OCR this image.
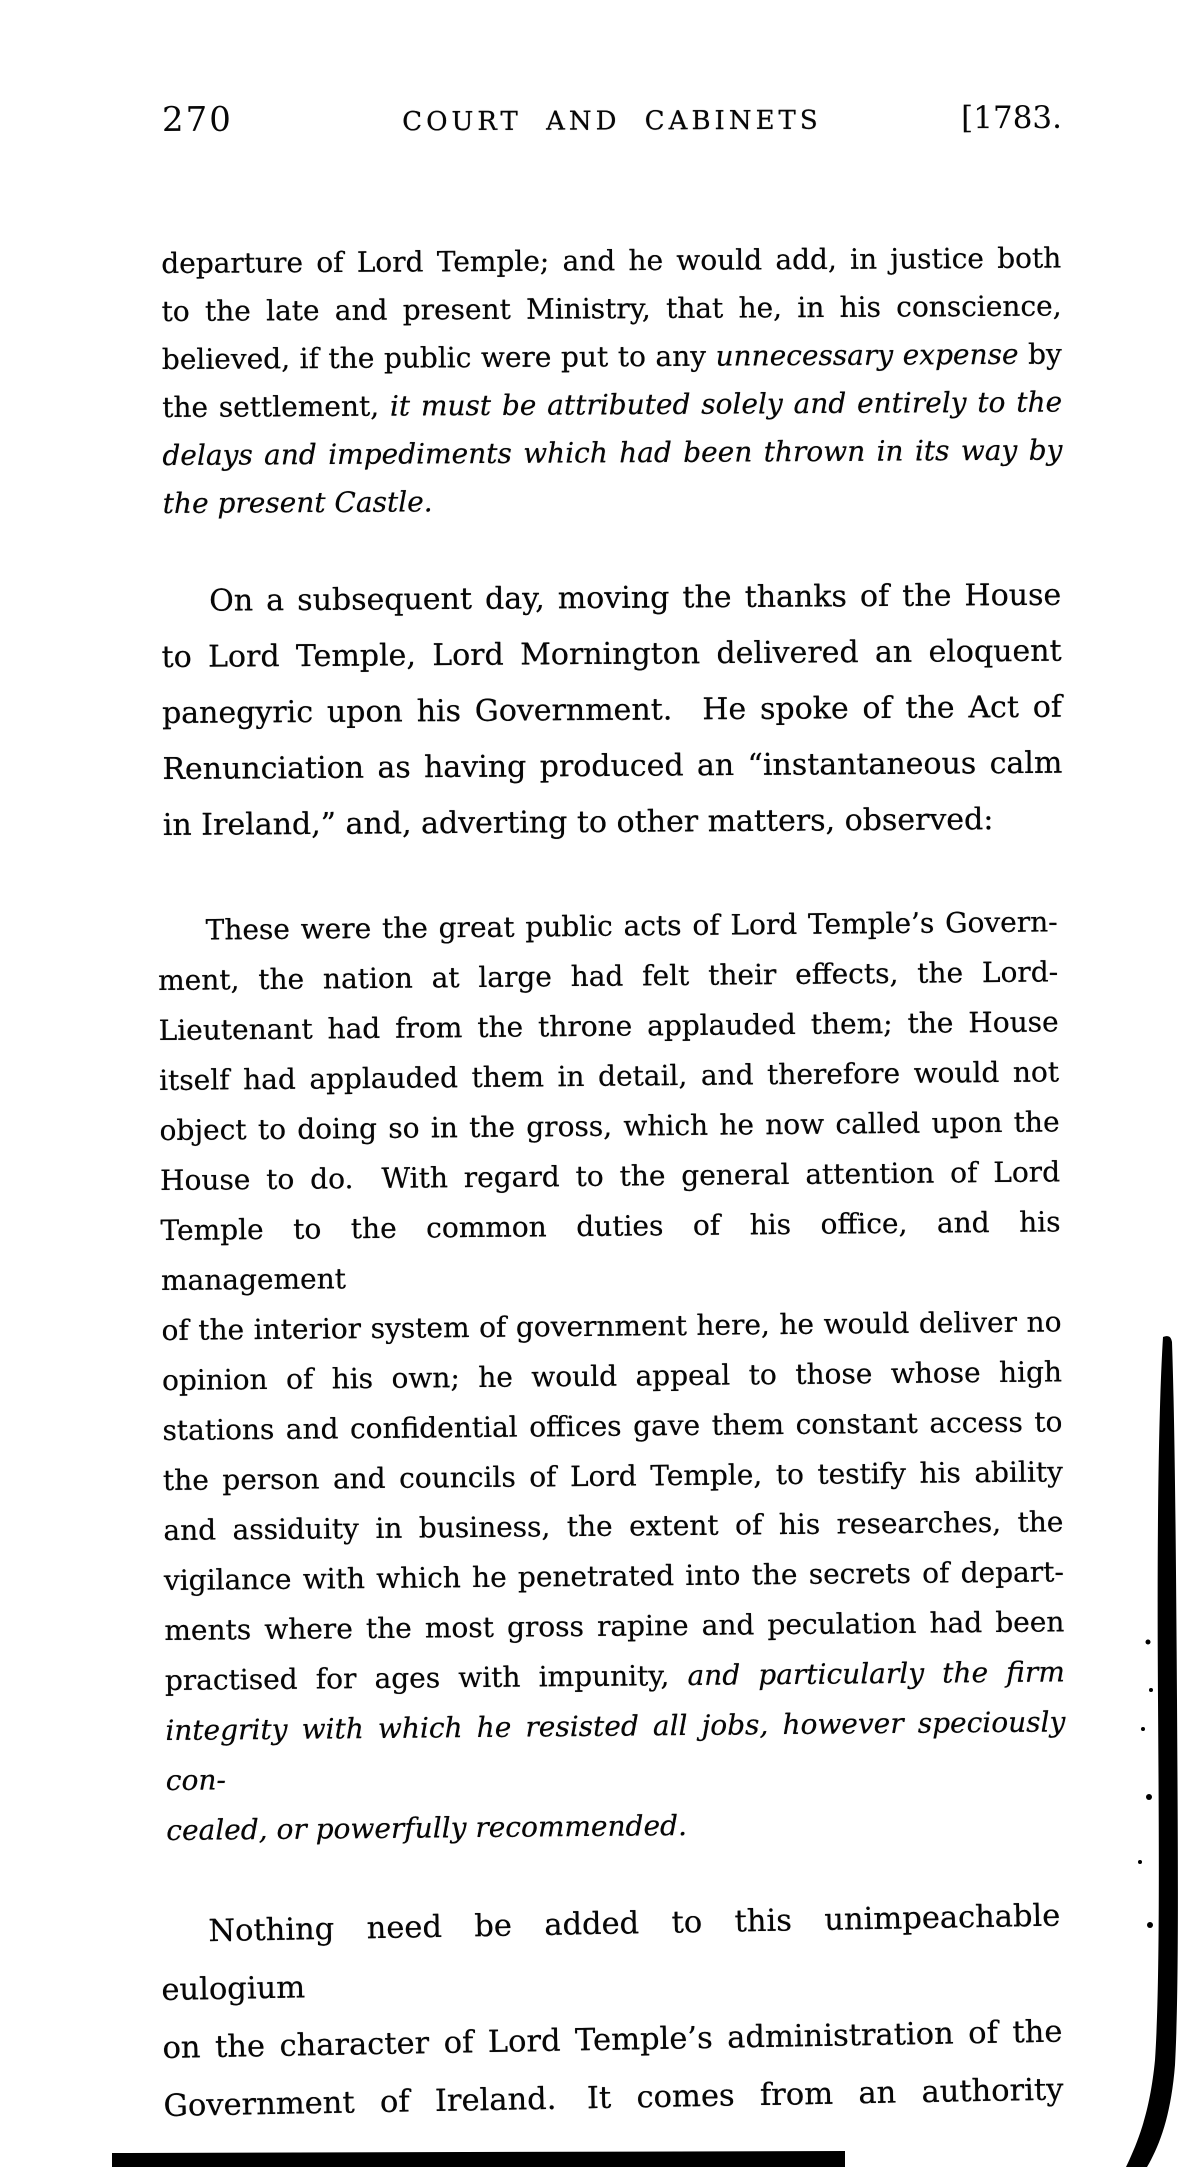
270	COURT AND CABINETS	[1783.
departure of Lord Temple; and he would add, in justice both
to the late and present Ministry, that he, in his conscience,
believed, if the public were put to any unnecessary expense by
the settlement, it must be attributed solely and entirely to the
delays and impediments which had been thrown in its way by
the present Castle.
On a subsequent day, moving the thanks of the House
to Lord Temple, Lord Mornington delivered an eloquent
panegyric upon his Government. He spoke of the Act of
Renunciation as having produced an “instantaneous calm
in Ireland,” and, adverting to other matters, observed:
These were the great public acts of Lord Temple’s Govern-
ment, the nation at large had felt their effects, the Lord-
Lieutenant had from the throne applauded them; the House
itself had applauded them in detail, and therefore would not
object to doing so in the gross, which he now called upon the
House to do. With regard to the general attention of Lord
Temple to the common duties of his office, and his management
of the interior system of government here, he would deliver no
opinion of his own; he would appeal to those whose high
stations and confidential offices gave them constant access to
the person and councils of Lord Temple, to testify his ability
and assiduity in business, the extent of his researches, the
vigilance with which he penetrated into the secrets of depart-
ments where the most gross rapine and peculation had been
practised for ages with impunity, and particularly the firm
integrity with which he resisted all jobs, however speciously con-
cealed, or powerfully recommended.
Nothing need be added to this unimpeachable eulogium
on the character of Lord Temple’s administration of the
Government of Ireland. It comes from an authority
